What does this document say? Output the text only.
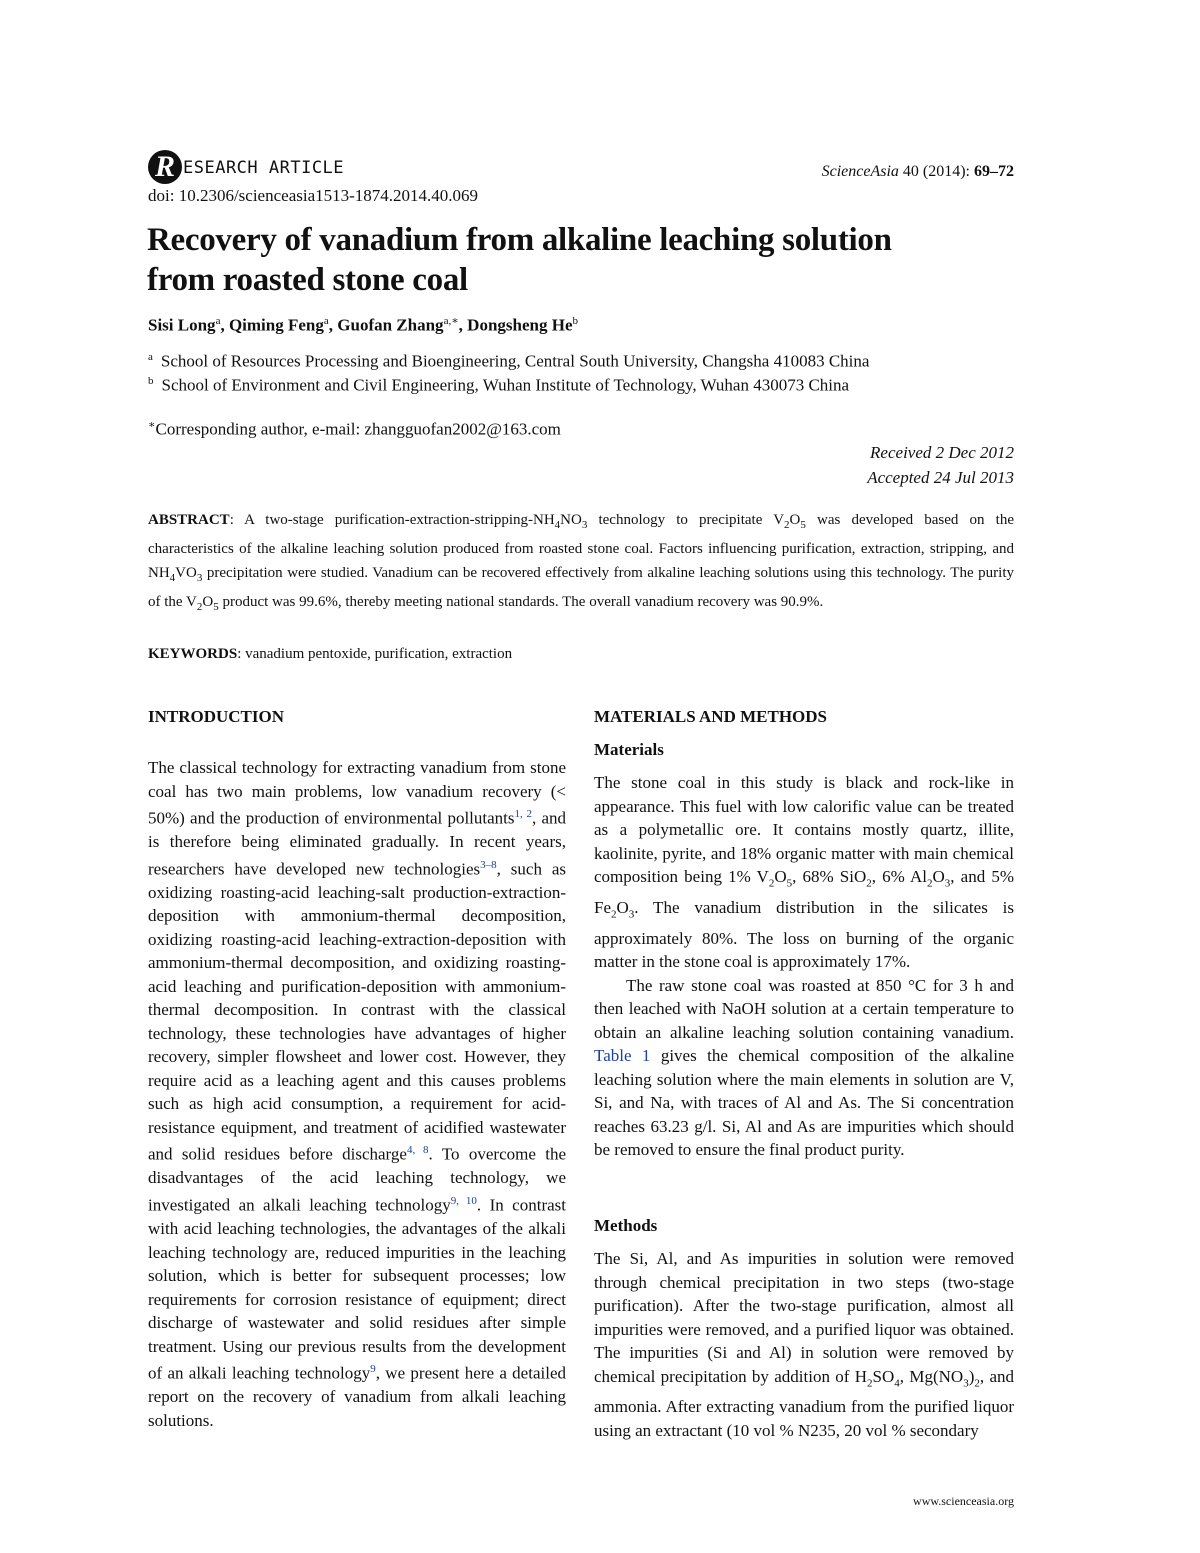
R ESEARCH ARTICLE	ScienceAsia 40 (2014): 69–72
doi: 10.2306/scienceasia1513-1874.2014.40.069
Recovery of vanadium from alkaline leaching solution
from roasted stone coal
Sisi Long$^a$, Qiming Feng$^a$, Guofan Zhang$^{a,∗}$, Dongsheng He$^b$
$^a$ School of Resources Processing and Bioengineering, Central South University, Changsha 410083 China
$^b$ School of Environment and Civil Engineering, Wuhan Institute of Technology, Wuhan 430073 China
∗Corresponding author, e-mail: zhangguofan2002@163.com
Received 2 Dec 2012
Accepted 24 Jul 2013
ABSTRACT: A two-stage purification-$extraction-stripping-NH_4NO_3$ technology to precipitate $V_2O_5$ was developed based on the characteristics of the alkaline leaching solution produced from roasted stone coal. Factors influencing purification, extraction, stripping, and $NH_4VO_3$ precipitation were studied. Vanadium can be recovered effectively from alkaline leaching solutions using this technology. The purity of the $V_2O_5$ product was 99.6%, thereby meeting national standards. The overall vanadium recovery was 90.9%.
KEYWORDS: vanadium pentoxide, purification, extraction
INTRODUCTION

The classical technology for extracting vanadium from stone coal has two main problems, low vanadium recovery (< 50%) and the production of environmental pollutants$^{1, 2}$, and is therefore being eliminated gradually. In recent years, researchers have developed new technologies$^{3-8}$, such as oxidizing roasting-acid leaching-salt production-extraction-deposition with ammonium-thermal decomposition, oxidizing roasting-acid leaching-extraction-deposition with ammonium-thermal decomposition, and oxidizing roasting-acid leaching and purification-deposition with ammonium-thermal decomposition. In contrast with the classical technology, these technologies have advantages of higher recovery, simpler flowsheet and lower cost. However, they require acid as a leaching agent and this causes problems such as high acid consumption, a requirement for acid-resistance equipment, and treatment of acidified wastewater and solid residues before discharge$^{4, 8}$. To overcome the disadvantages of the acid leaching technology, we investigated an alkali leaching technology$^{9, 10}$. In contrast with acid leaching technologies, the advantages of the alkali leaching technology are, reduced impurities in the leaching solution, which is better for subsequent processes; low requirements for corrosion resistance of equipment; direct discharge of wastewater and solid residues after simple treatment. Using our previous results from the development of an alkali leaching technology$^9$, we present here a detailed report on the recovery of vanadium from alkali leaching solutions.

MATERIALS AND METHODS
Materials

The stone coal in this study is black and rock-like in appearance. This fuel with low calorific value can be treated as a polymetallic ore. It contains mostly quartz, illite, kaolinite, pyrite, and 18% organic matter with main chemical composition being 1% $V_2O_5$, 68% SiO$_2$, 6% $Al_2O_3$, and 5% $Fe_2O_3$. The vanadium distribution in the silicates is approximately 80%. The loss on burning of the organic matter in the stone coal is approximately 17%.

The raw stone coal was roasted at 850 °C for 3 h and then leached with NaOH solution at a certain temperature to obtain an alkaline leaching solution containing vanadium. Table 1 gives the chemical composition of the alkaline leaching solution where the main elements in solution are V, Si, and Na, with traces of Al and As. The Si concentration reaches 63.23 g/l. Si, Al and As are impurities which should be removed to ensure the final product purity.

Methods

The Si, Al, and As impurities in solution were removed through chemical precipitation in two steps (two-stage purification). After the two-stage purification, almost all impurities were removed, and a purified liquor was obtained. The impurities (Si and Al) in solution were removed by chemical precipitation by addition of $H_2SO_4$, $Mg(NO_3)_2$, and ammonia. After extracting vanadium from the purified liquor using an extractant (10 vol % N235, 20 vol % secondary

www.scienceasia.org
